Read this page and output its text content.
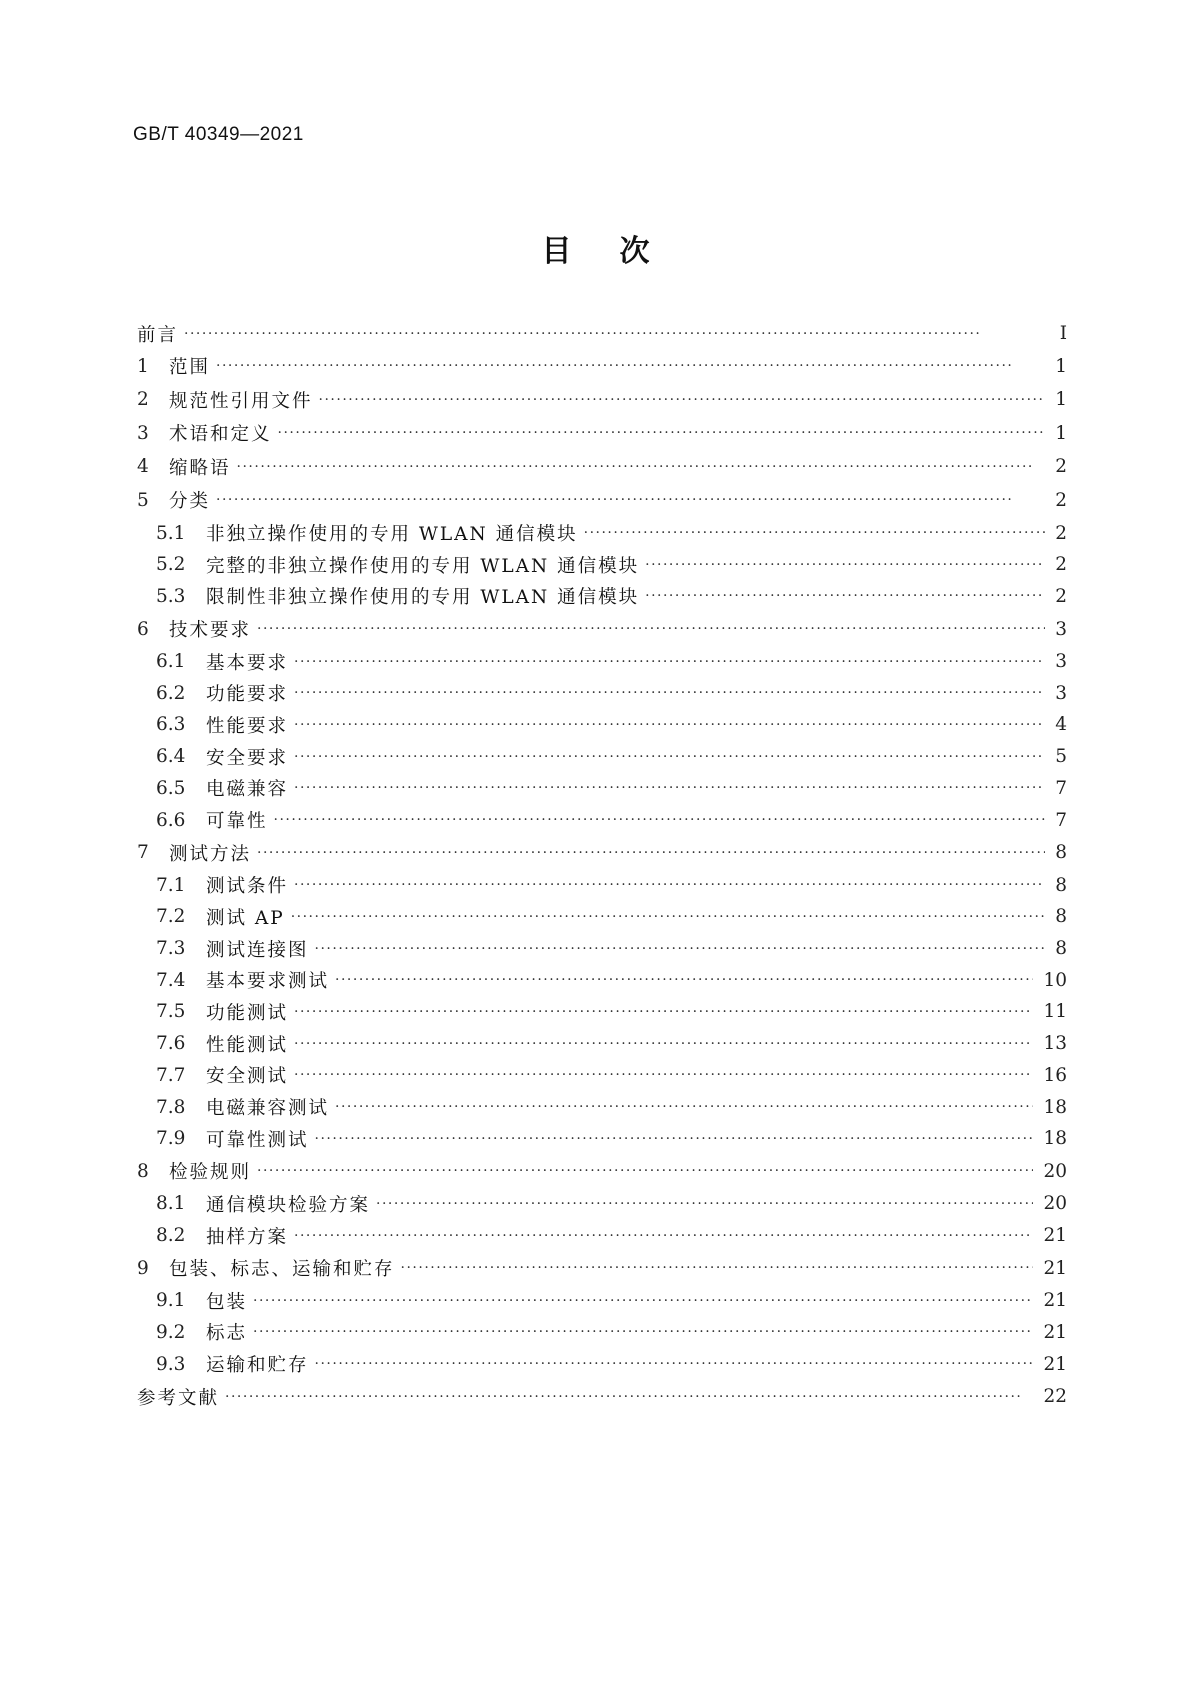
GB/T 40349—2021
目次
前言 ·····	Ⅰ
1	范围 ·····	1
2	规范性引用文件 ·····	1
3	术语和定义 ·····	1
4	缩略语 ·····	2
5	分类 ·····	2
5.1	非独立操作使用的专用 WLAN 通信模块 ·····	2
5.2	完整的非独立操作使用的专用 WLAN 通信模块 ·····	2
5.3	限制性非独立操作使用的专用 WLAN 通信模块 ·····	2
6	技术要求 ·····	3
6.1	基本要求 ·····	3
6.2	功能要求 ·····	3
6.3	性能要求 ·····	4
6.4	安全要求 ·····	5
6.5	电磁兼容 ·····	7
6.6	可靠性 ·····	7
7	测试方法 ·····	8
7.1	测试条件 ·····	8
7.2	测试 AP ·····	8
7.3	测试连接图 ·····	8
7.4	基本要求测试 ·····	10
7.5	功能测试 ·····	11
7.6	性能测试 ·····	13
7.7	安全测试 ·····	16
7.8	电磁兼容测试 ·····	18
7.9	可靠性测试 ·····	18
8	检验规则 ·····	20
8.1	通信模块检验方案 ·····	20
8.2	抽样方案 ·····	21
9	包装、标志、运输和贮存 ·····	21
9.1	包装 ·····	21
9.2	标志 ·····	21
9.3	运输和贮存 ·····	21
参考文献 ·····	22
